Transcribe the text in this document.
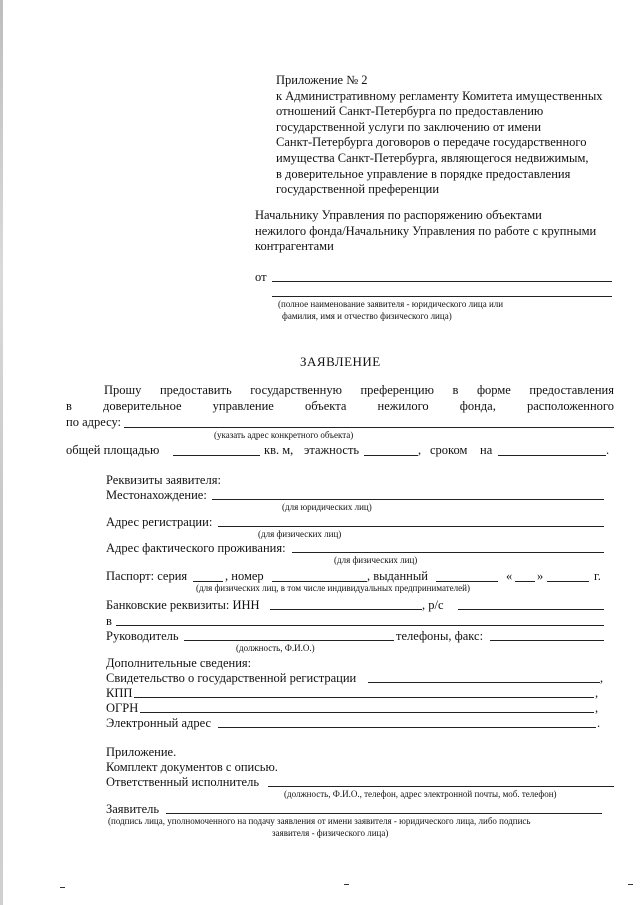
Приложение № 2
к Административному регламенту Комитета имущественных
отношений Санкт-Петербурга по предоставлению
государственной услуги по заключению от имени
Санкт-Петербурга договоров о передаче государственного
имущества Санкт-Петербурга, являющегося недвижимым,
в доверительное управление в порядке предоставления
государственной преференции
Начальнику Управления по распоряжению объектами
нежилого фонда/Начальнику Управления по работе с крупными
контрагентами
от
(полное наименование заявителя - юридического лица или
фамилия, имя и отчество физического лица)
ЗАЯВЛЕНИЕ
Прошу предоставить государственную преференцию в форме предоставления
в доверительное управление объекта нежилого фонда, расположенного
по адресу:
(указать адрес конкретного объекта)
общей площадью	кв. м, этажность	, сроком на	.
Реквизиты заявителя:
Местонахождение:
(для юридических лиц)
Адрес регистрации:
(для физических лиц)
Адрес фактического проживания:
(для физических лиц)
Паспорт: серия	, номер	, выданный	« »	г.
(для физических лиц, в том числе индивидуальных предпринимателей)
Банковские реквизиты: ИНН	, р/с
в
Руководитель	телефоны, факс:
(должность, Ф.И.О.)
Дополнительные сведения:
Свидетельство о государственной регистрации	,
КПП	,
ОГРН	,
Электронный адрес	.
Приложение.
Комплект документов с описью.
Ответственный исполнитель
(должность, Ф.И.О., телефон, адрес электронной почты, моб. телефон)
Заявитель
(подпись лица, уполномоченного на подачу заявления от имени заявителя - юридического лица, либо подпись
заявителя - физического лица)
